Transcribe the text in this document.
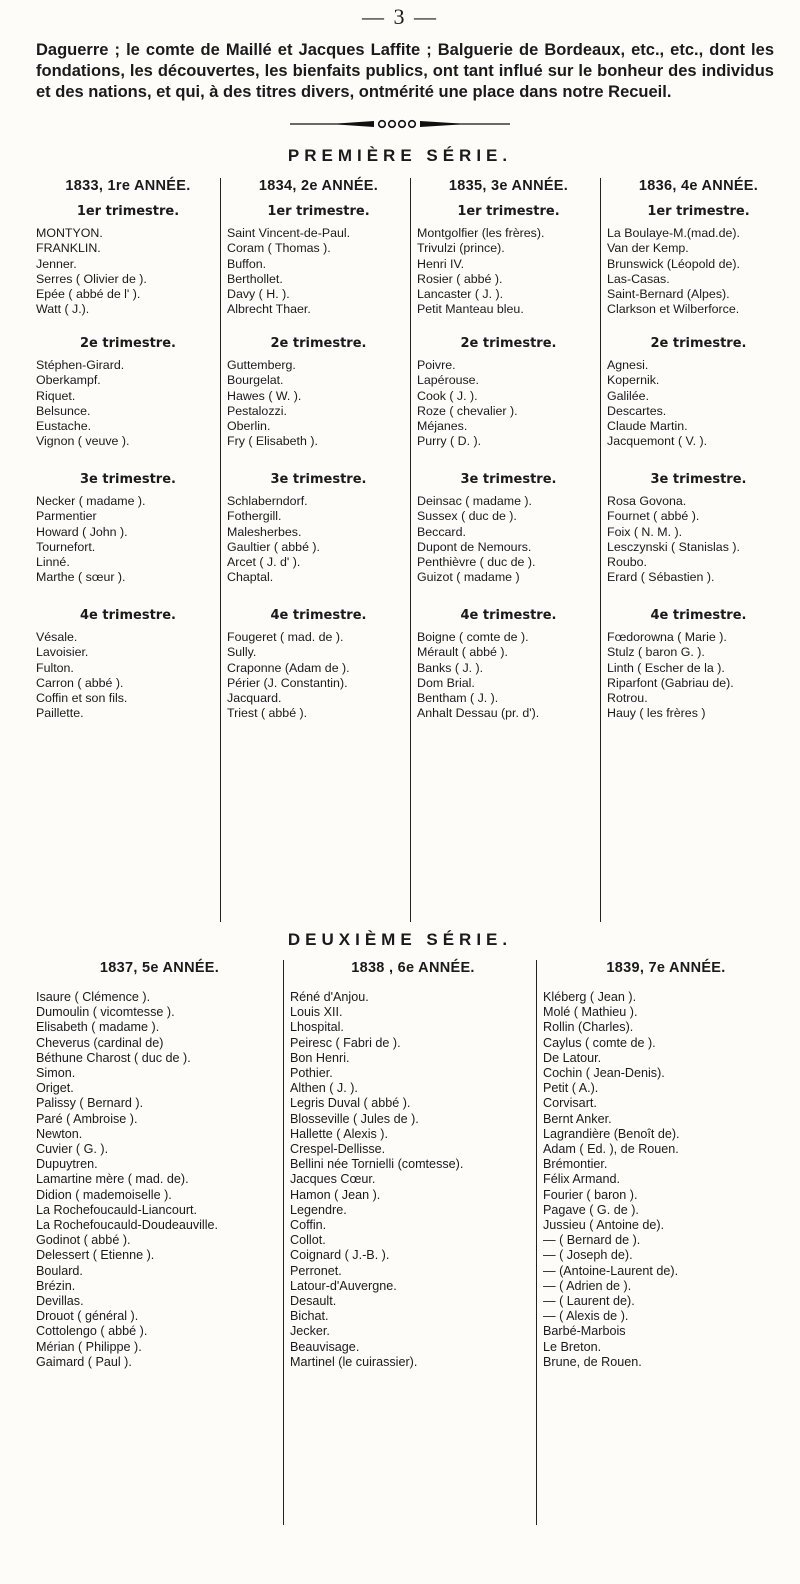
— 3 —

Daguerre ; le comte de Maillé et Jacques Laffite ; Balguerie de Bordeaux, etc., etc., dont les fondations, les découvertes, les bienfaits publics, ont tant influé sur le bonheur des individus et des nations, et qui, à des titres divers, ontmérité une place dans notre Recueil.

PREMIÈRE SÉRIE.
1833, 1re ANNÉE.
1er trimestre.
MONTYON.
FRANKLIN.
Jenner.
Serres ( Olivier de ).
Epée ( abbé de l' ).
Watt ( J.).
2e trimestre.
Stéphen-Girard.
Oberkampf.
Riquet.
Belsunce.
Eustache.
Vignon ( veuve ).
3e trimestre.
Necker ( madame ).
Parmentier
Howard ( John ).
Tournefort.
Linné.
Marthe ( sœur ).
4e trimestre.
Vésale.
Lavoisier.
Fulton.
Carron ( abbé ).
Coffin et son fils.
Paillette.
1834, 2e ANNÉE.
1er trimestre.
Saint Vincent-de-Paul.
Coram ( Thomas ).
Buffon.
Berthollet.
Davy ( H. ).
Albrecht Thaer.
2e trimestre.
Guttemberg.
Bourgelat.
Hawes ( W. ).
Pestalozzi.
Oberlin.
Fry ( Elisabeth ).
3e trimestre.
Schlaberndorf.
Fothergill.
Malesherbes.
Gaultier ( abbé ).
Arcet ( J. d' ).
Chaptal.
4e trimestre.
Fougeret ( mad. de ).
Sully.
Craponne (Adam de ).
Périer (J. Constantin).
Jacquard.
Triest ( abbé ).
1835, 3e ANNÉE.
1er trimestre.
Montgolfier (les frères).
Trivulzi (prince).
Henri IV.
Rosier ( abbé ).
Lancaster ( J. ).
Petit Manteau bleu.
2e trimestre.
Poivre.
Lapérouse.
Cook ( J. ).
Roze ( chevalier ).
Méjanes.
Purry ( D. ).
3e trimestre.
Deinsac ( madame ).
Sussex ( duc de ).
Beccard.
Dupont de Nemours.
Penthièvre ( duc de ).
Guizot ( madame )
4e trimestre.
Boigne ( comte de ).
Mérault ( abbé ).
Banks ( J. ).
Dom Brial.
Bentham ( J. ).
Anhalt Dessau (pr. d').
1836, 4e ANNÉE.
1er trimestre.
La Boulaye-M.(mad.de).
Van der Kemp.
Brunswick (Léopold de).
Las-Casas.
Saint-Bernard (Alpes).
Clarkson et Wilberforce.
2e trimestre.
Agnesi.
Kopernik.
Galilée.
Descartes.
Claude Martin.
Jacquemont ( V. ).
3e trimestre.
Rosa Govona.
Fournet ( abbé ).
Foix ( N. M. ).
Lesczynski ( Stanislas ).
Roubo.
Erard ( Sébastien ).
4e trimestre.
Fœdorowna ( Marie ).
Stulz ( baron G. ).
Linth ( Escher de la ).
Riparfont (Gabriau de).
Rotrou.
Hauy ( les frères )
DEUXIÈME SÉRIE.
1837, 5e ANNÉE.
Isaure ( Clémence ).
Dumoulin ( vicomtesse ).
Elisabeth ( madame ).
Cheverus (cardinal de)
Béthune Charost ( duc de ).
Simon.
Origet.
Palissy ( Bernard ).
Paré ( Ambroise ).
Newton.
Cuvier ( G. ).
Dupuytren.
Lamartine mère ( mad. de).
Didion ( mademoiselle ).
La Rochefoucauld-Liancourt.
La Rochefoucauld-Doudeauville.
Godinot ( abbé ).
Delessert ( Etienne ).
Boulard.
Brézin.
Devillas.
Drouot ( général ).
Cottolengo ( abbé ).
Mérian ( Philippe ).
Gaimard ( Paul ).
1838 , 6e ANNÉE.
Réné d'Anjou.
Louis XII.
Lhospital.
Peiresc ( Fabri de ).
Bon Henri.
Pothier.
Althen ( J. ).
Legris Duval ( abbé ).
Blosseville ( Jules de ).
Hallette ( Alexis ).
Crespel-Dellisse.
Bellini née Tornielli (comtesse).
Jacques Cœur.
Hamon ( Jean ).
Legendre.
Coffin.
Collot.
Coignard ( J.-B. ).
Perronet.
Latour-d'Auvergne.
Desault.
Bichat.
Jecker.
Beauvisage.
Martinel (le cuirassier).
1839, 7e ANNÉE.
Kléberg ( Jean ).
Molé ( Mathieu ).
Rollin (Charles).
Caylus ( comte de ).
De Latour.
Cochin ( Jean-Denis).
Petit ( A.).
Corvisart.
Bernt Anker.
Lagrandière (Benoît de).
Adam ( Ed. ), de Rouen.
Brémontier.
Félix Armand.
Fourier ( baron ).
Pagave ( G. de ).
Jussieu ( Antoine de).
— ( Bernard de ).
— ( Joseph de).
— (Antoine-Laurent de).
— ( Adrien de ).
— ( Laurent de).
— ( Alexis de ).
Barbé-Marbois
Le Breton.
Brune, de Rouen.
